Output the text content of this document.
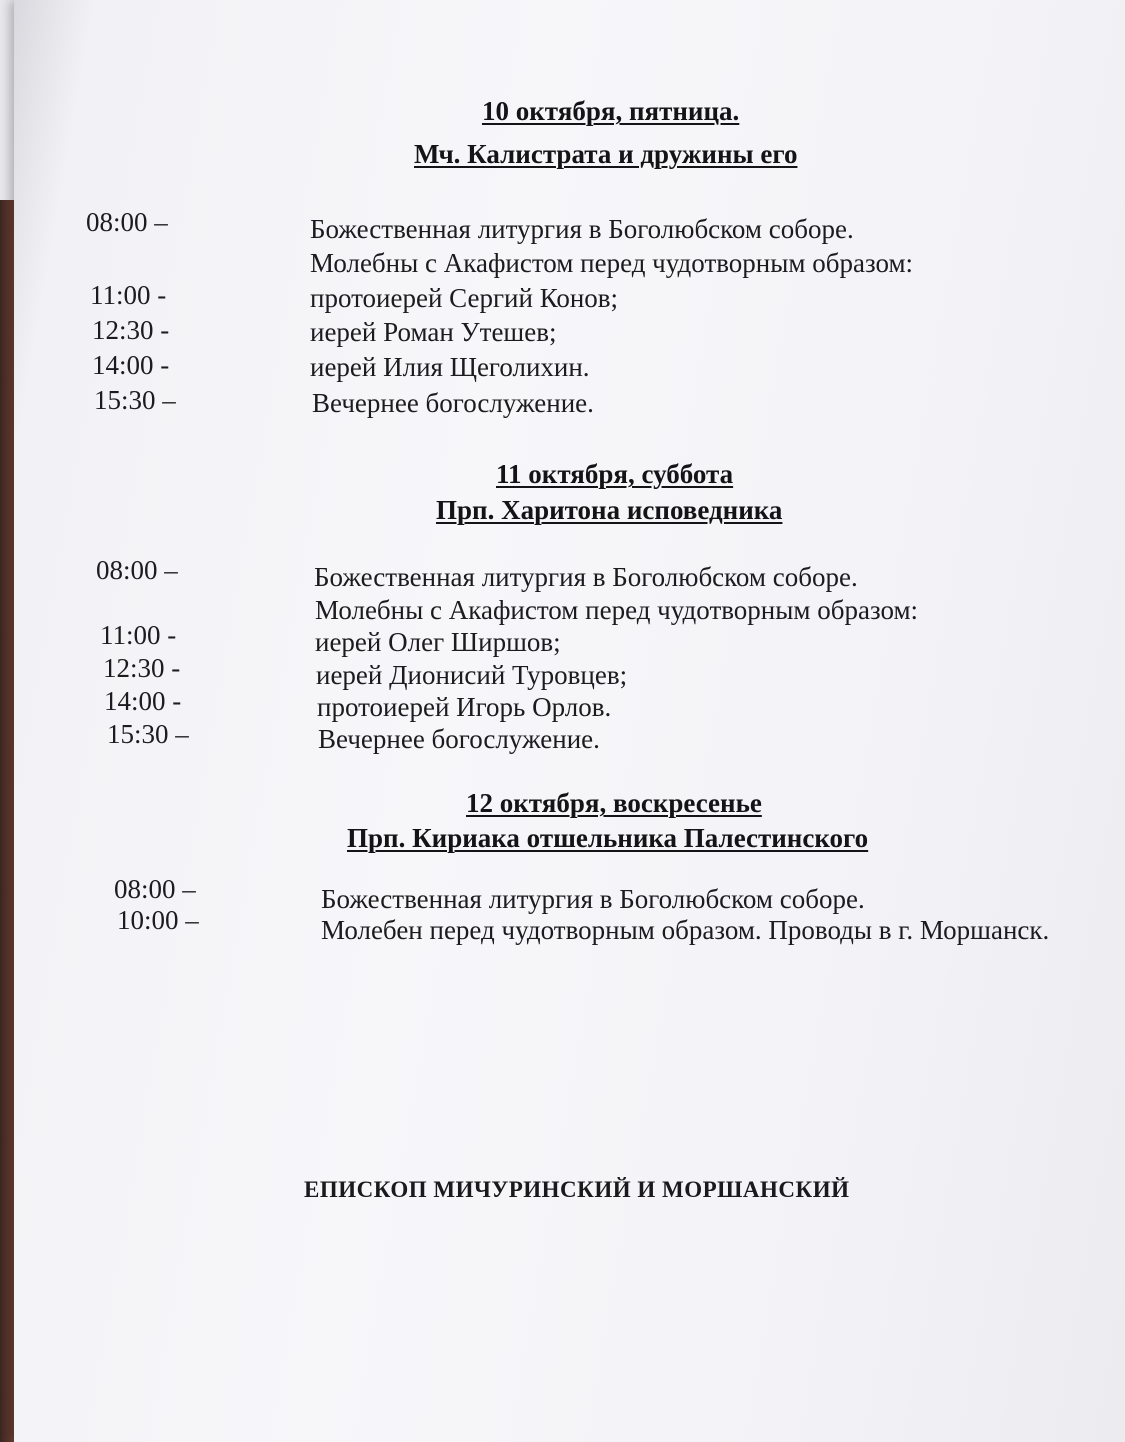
10 октября, пятница.
Мч. Калистрата и дружины его
08:00 –	Божественная литургия в Боголюбском соборе.
Молебны с Акафистом перед чудотворным образом:
11:00 -	протоиерей Сергий Конов;
12:30 -	иерей Роман Утешев;
14:00 -	иерей Илия Щеголихин.
15:30 –	Вечернее богослужение.
11 октября, суббота
Прп. Харитона исповедника
08:00 –	Божественная литургия в Боголюбском соборе.
Молебны с Акафистом перед чудотворным образом:
11:00 -	иерей Олег Ширшов;
12:30 -	иерей Дионисий Туровцев;
14:00 -	протоиерей Игорь Орлов.
15:30 –	Вечернее богослужение.
12 октября, воскресенье
Прп. Кириака отшельника Палестинского
08:00 –	Божественная литургия в Боголюбском соборе.
10:00 –	Молебен перед чудотворным образом. Проводы в г. Моршанск.
ЕПИСКОП МИЧУРИНСКИЙ И МОРШАНСКИЙ
